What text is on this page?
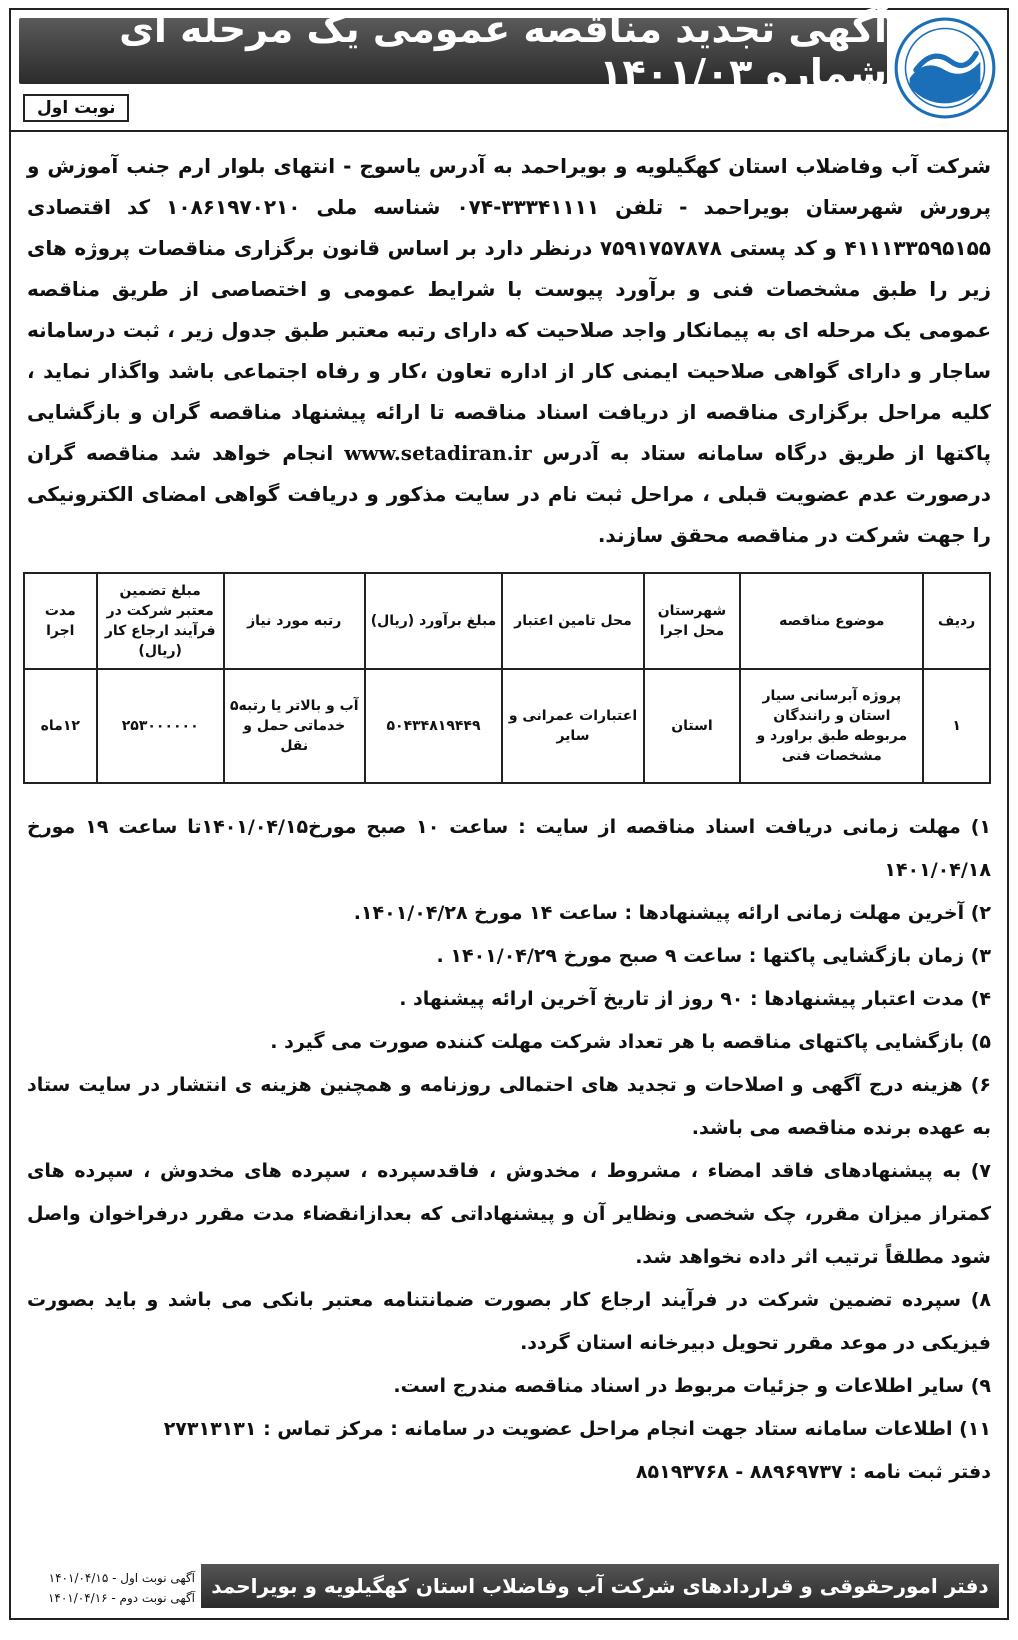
آگهی تجدید مناقصه عمومی یک مرحله ای شماره ۱۴۰۱/۰۳
نوبت اول
شرکت آب وفاضلاب استان کهگیلویه و بویراحمد به آدرس یاسوج - انتهای بلوار ارم جنب آموزش و پرورش شهرستان بویراحمد - تلفن ۳۳۳۴۱۱۱۱-۰۷۴ شناسه ملی ۱۰۸۶۱۹۷۰۲۱۰ کد اقتصادی ۴۱۱۱۳۳۵۹۵۱۵۵ و کد پستی ۷۵۹۱۷۵۷۸۷۸ درنظر دارد بر اساس قانون برگزاری مناقصات پروژه های زیر را طبق مشخصات فنی و برآورد پیوست با شرایط عمومی و اختصاصی از طریق مناقصه عمومی یک مرحله ای به پیمانکار واجد صلاحیت که دارای رتبه معتبر طبق جدول زیر ، ثبت درسامانه ساجار و دارای گواهی صلاحیت ایمنی کار از اداره تعاون ،کار و رفاه اجتماعی باشد واگذار نماید ، کلیه مراحل برگزاری مناقصه از دریافت اسناد مناقصه تا ارائه پیشنهاد مناقصه گران و بازگشایی پاکتها از طریق درگاه سامانه ستاد به آدرس www.setadiran.ir انجام خواهد شد مناقصه گران درصورت عدم عضویت قبلی ، مراحل ثبت نام در سایت مذکور و دریافت گواهی امضای الکترونیکی را جهت شرکت در مناقصه محقق سازند.
ردیف	موضوع مناقصه	شهرستان محل اجرا	محل تامین اعتبار	مبلغ برآورد (ریال)	رتبه مورد نیاز	مبلغ تضمین معتبر شرکت در فرآیند ارجاع کار (ریال)	مدت اجرا
۱	پروژه آبرسانی سیار استان و رانندگان مربوطه طبق براورد و مشخصات فنی	استان	اعتبارات عمرانی و سایر	۵۰۴۳۴۸۱۹۴۴۹	آب و بالاتر یا رتبه۵ خدماتی حمل و نقل	۲۵۳۰۰۰۰۰۰	۱۲ماه
۱) مهلت زمانی دریافت اسناد مناقصه از سایت : ساعت ۱۰ صبح مورخ۱۴۰۱/۰۴/۱۵تا ساعت ۱۹ مورخ ۱۴۰۱/۰۴/۱۸
۲) آخرین مهلت زمانی ارائه پیشنهادها : ساعت ۱۴ مورخ ۱۴۰۱/۰۴/۲۸.
۳) زمان بازگشایی پاکتها : ساعت ۹ صبح مورخ ۱۴۰۱/۰۴/۲۹ .
۴) مدت اعتبار پیشنهادها : ۹۰ روز از تاریخ آخرین ارائه پیشنهاد .
۵) بازگشایی پاکتهای مناقصه با هر تعداد شرکت مهلت کننده صورت می گیرد .
۶) هزینه درج آگهی و اصلاحات و تجدید های احتمالی روزنامه و همچنین هزینه ی انتشار در سایت ستاد به عهده برنده مناقصه می باشد.
۷) به پیشنهادهای فاقد امضاء ، مشروط ، مخدوش ، فاقدسپرده ، سپرده های مخدوش ، سپرده های کمتراز میزان مقرر، چک شخصی ونظایر آن و پیشنهاداتی که بعدازانقضاء مدت مقرر درفراخوان واصل شود مطلقاً ترتیب اثر داده نخواهد شد.
۸) سپرده تضمین شرکت در فرآیند ارجاع کار بصورت ضمانتنامه معتبر بانکی می باشد و باید بصورت فیزیکی در موعد مقرر تحویل دبیرخانه استان گردد.
۹) سایر اطلاعات و جزئیات مربوط در اسناد مناقصه مندرج است.
۱۱) اطلاعات سامانه ستاد جهت انجام مراحل عضویت در سامانه : مرکز تماس : ۲۷۳۱۳۱۳۱
دفتر ثبت نامه : ۸۸۹۶۹۷۳۷ - ۸۵۱۹۳۷۶۸
دفتر امورحقوقی و قراردادهای شرکت آب وفاضلاب استان کهگیلویه و بویراحمد
آگهی نوبت اول - ۱۴۰۱/۰۴/۱۵
آگهی نوبت دوم - ۱۴۰۱/۰۴/۱۶
